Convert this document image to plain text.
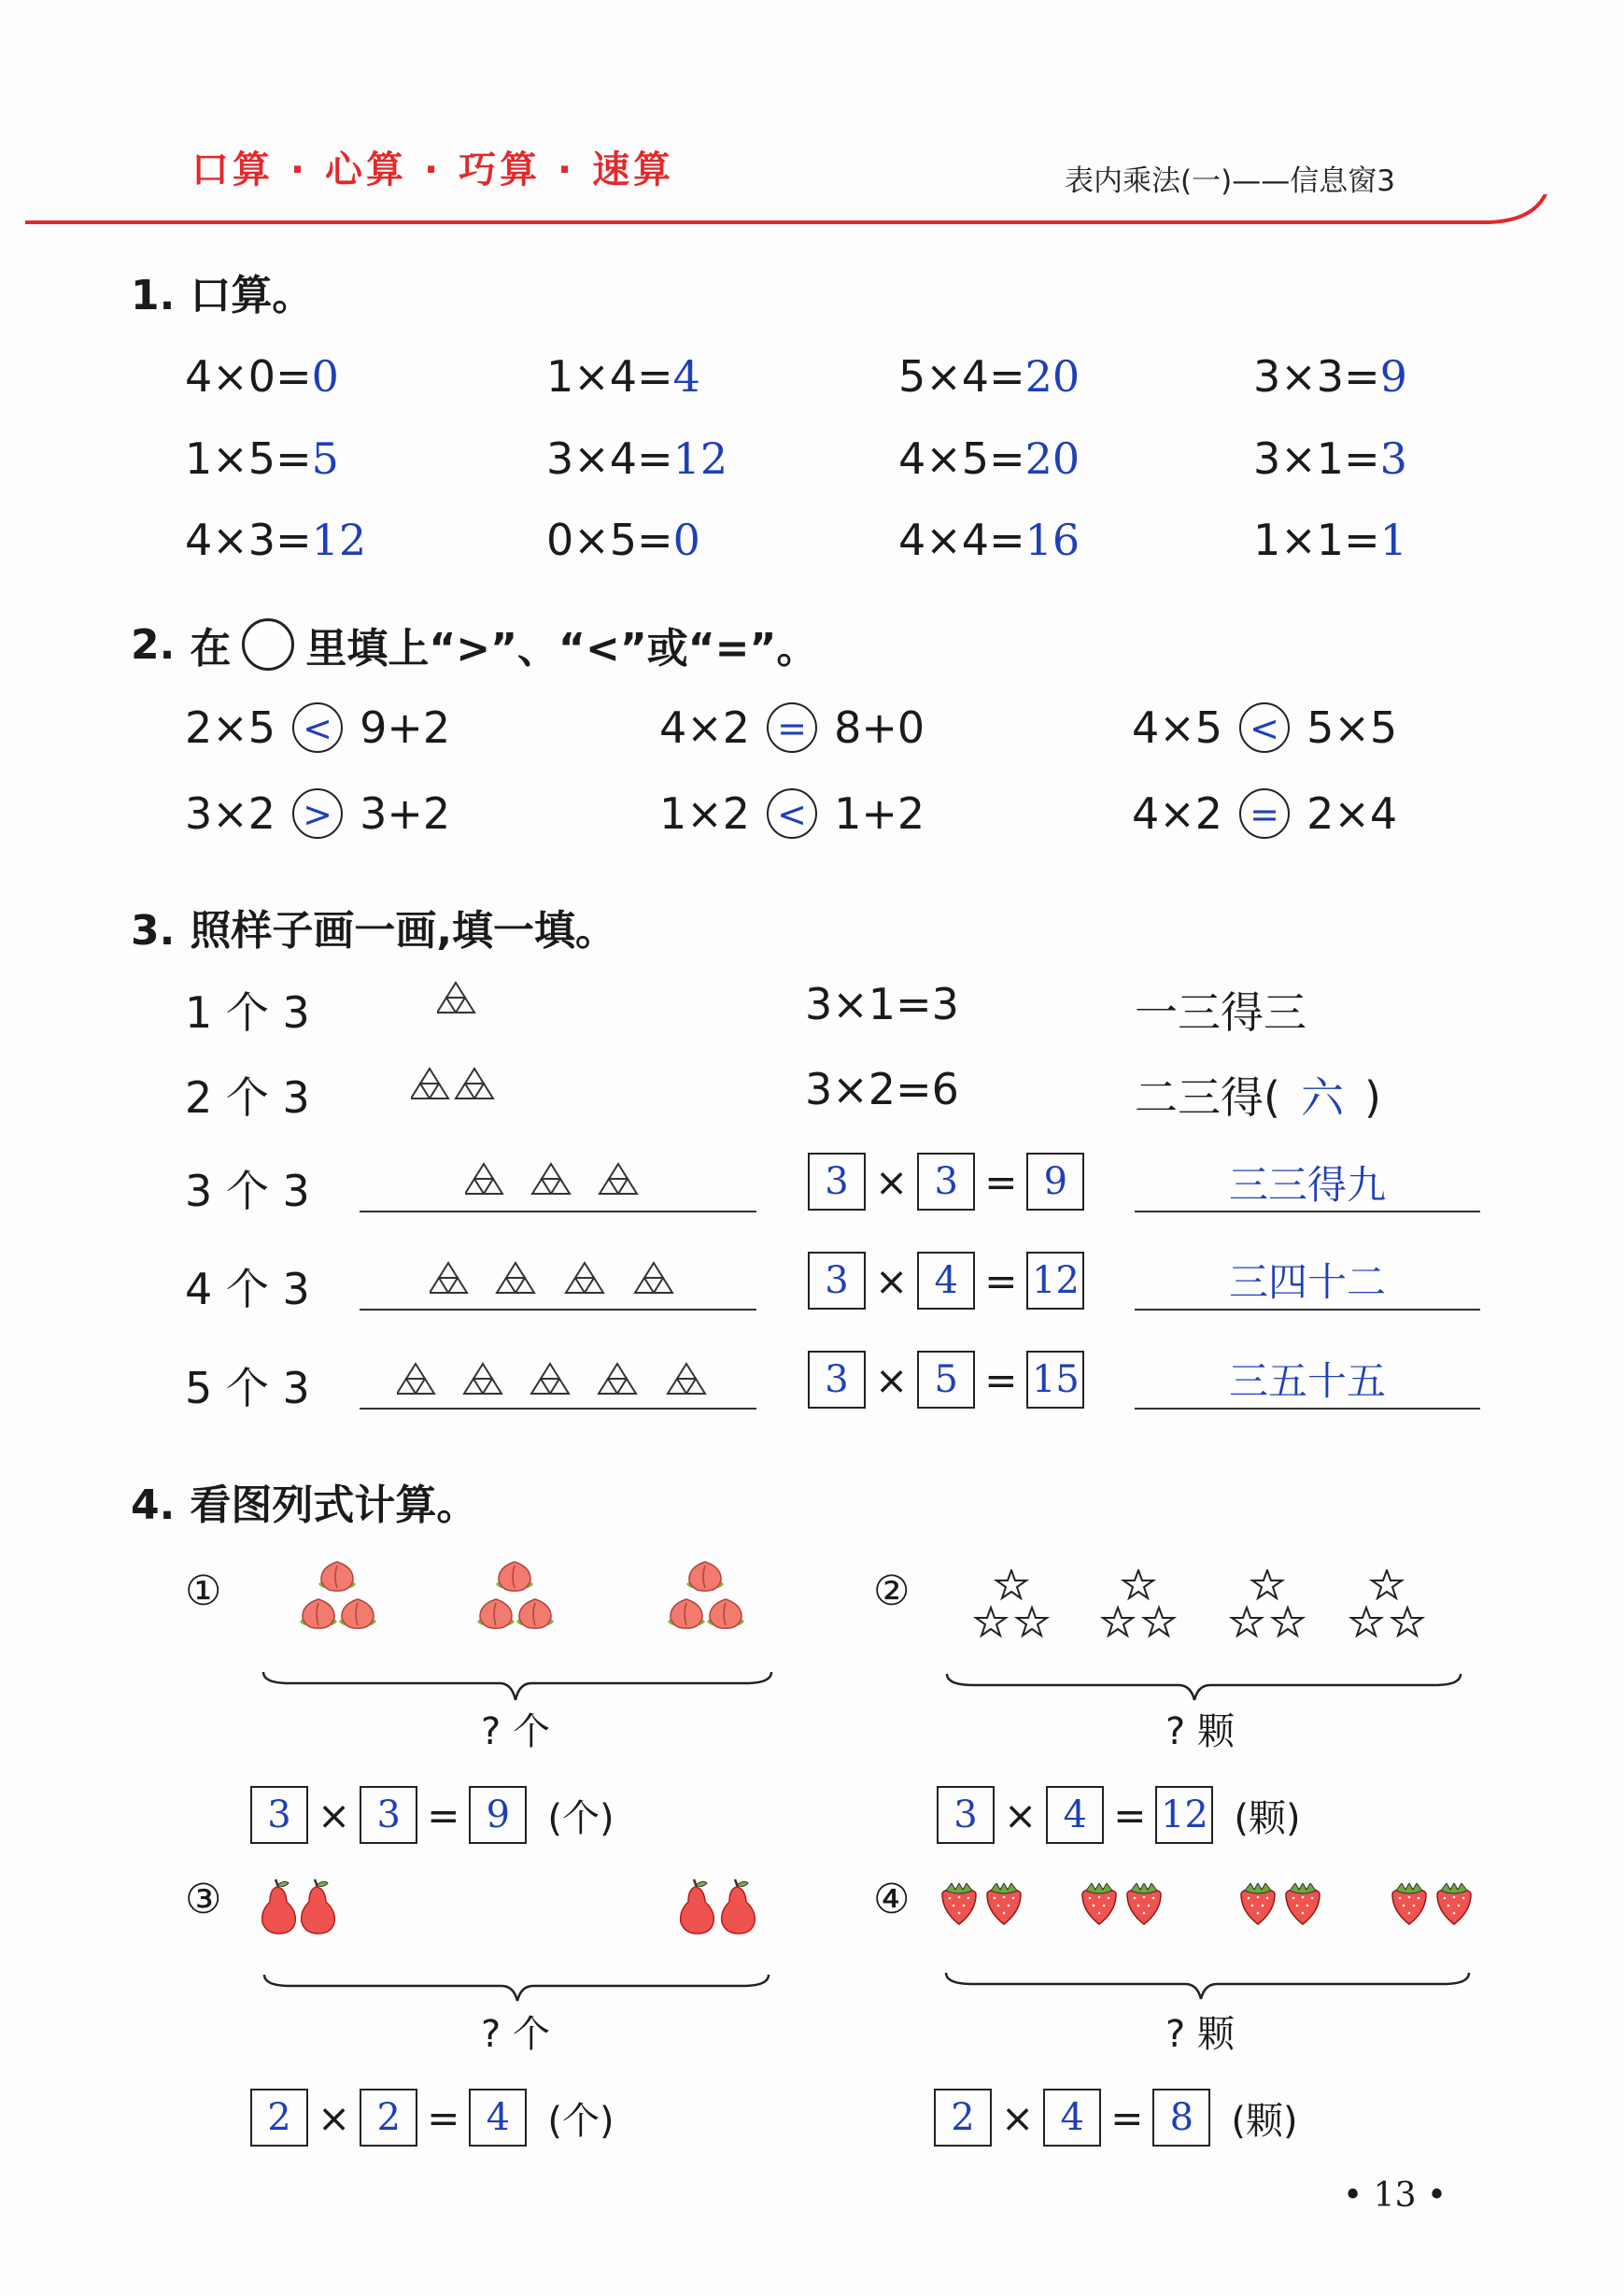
口算 · 心算 · 巧算 · 速算	表内乘法(一)——信息窗3
1. 口算。
4×0=0	1×4=4	5×4=20	3×3=9
1×5=5	3×4=12	4×5=20	3×1=3
4×3=12	0×5=0	4×4=16	1×1=1
2. 在 里填上“>”、“<”或“=”。
2×5 < 9+2	4×2 = 8+0	4×5 < 5×5
3×2 > 3+2	1×2 < 1+2	4×2 = 2×4
3. 照样子画一画,填一填。
1 个 3	3×1=3	一三得三
2 个 3	3×2=6	二三得( 六 )
3 个 3	3 × 3 = 9	三三得九
4 个 3	3 × 4 = 12	三四十二
5 个 3	3 × 5 = 15	三五十五
4. 看图列式计算。
①
? 个
3 × 3 = 9	(个)
②
? 颗
3 × 4 = 12 (颗)
③
? 个
2 × 2 = 4	(个)
④
? 颗
2 × 4 = 8	(颗)
• 13 •
